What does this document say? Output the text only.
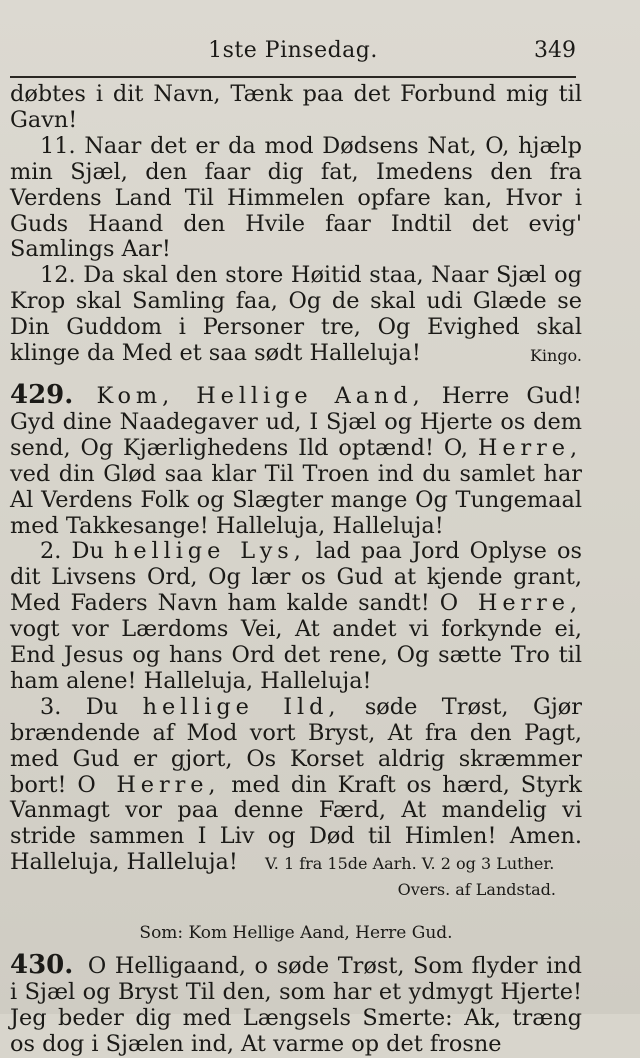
1ste Pinsedag.	349

døbtes i dit Navn, Tænk paa det Forbund mig til Gavn!

11. Naar det er da mod Dødsens Nat, O, hjælp min Sjæl, den faar dig fat, Imedens den fra Verdens Land Til Himmelen opfare kan, Hvor i Guds Haand den Hvile faar Indtil det evig' Samlings Aar!

12. Da skal den store Høitid staa, Naar Sjæl og Krop skal Samling faa, Og de skal udi Glæde se Din Guddom i Personer tre, Og Evighed skal klinge da Med et saa sødt Halleluja!	Kingo.

429. Kom, Hellige Aand, Herre Gud! Gyd dine Naadegaver ud, I Sjæl og Hjerte os dem send, Og Kjærlighedens Ild optænd! O, Herre, ved din Glød saa klar Til Troen ind du samlet har Al Verdens Folk og Slægter mange Og Tungemaal med Takkesange! Halleluja, Halleluja!

2. Du hellige Lys, lad paa Jord Oplyse os dit Livsens Ord, Og lær os Gud at kjende grant, Med Faders Navn ham kalde sandt! O Herre, vogt vor Lærdoms Vei, At andet vi forkynde ei, End Jesus og hans Ord det rene, Og sætte Tro til ham alene! Halleluja, Halleluja!

3. Du hellige Ild, søde Trøst, Gjør brændende af Mod vort Bryst, At fra den Pagt, med Gud er gjort, Os Korset aldrig skræmmer bort! O Herre, med din Kraft os hærd, Styrk Vanmagt vor paa denne Færd, At mandelig vi stride sammen I Liv og Død til Himlen! Amen. Halleluja, Halleluja! V. 1 fra 15de Aarh. V. 2 og 3 Luther.

Overs. af Landstad.

Som: Kom Hellige Aand, Herre Gud.

430. O Helligaand, o søde Trøst, Som flyder ind i Sjæl og Bryst Til den, som har et ydmygt Hjerte! Jeg beder dig med Længsels Smerte: Ak, træng os dog i Sjælen ind, At varme op det frosne
